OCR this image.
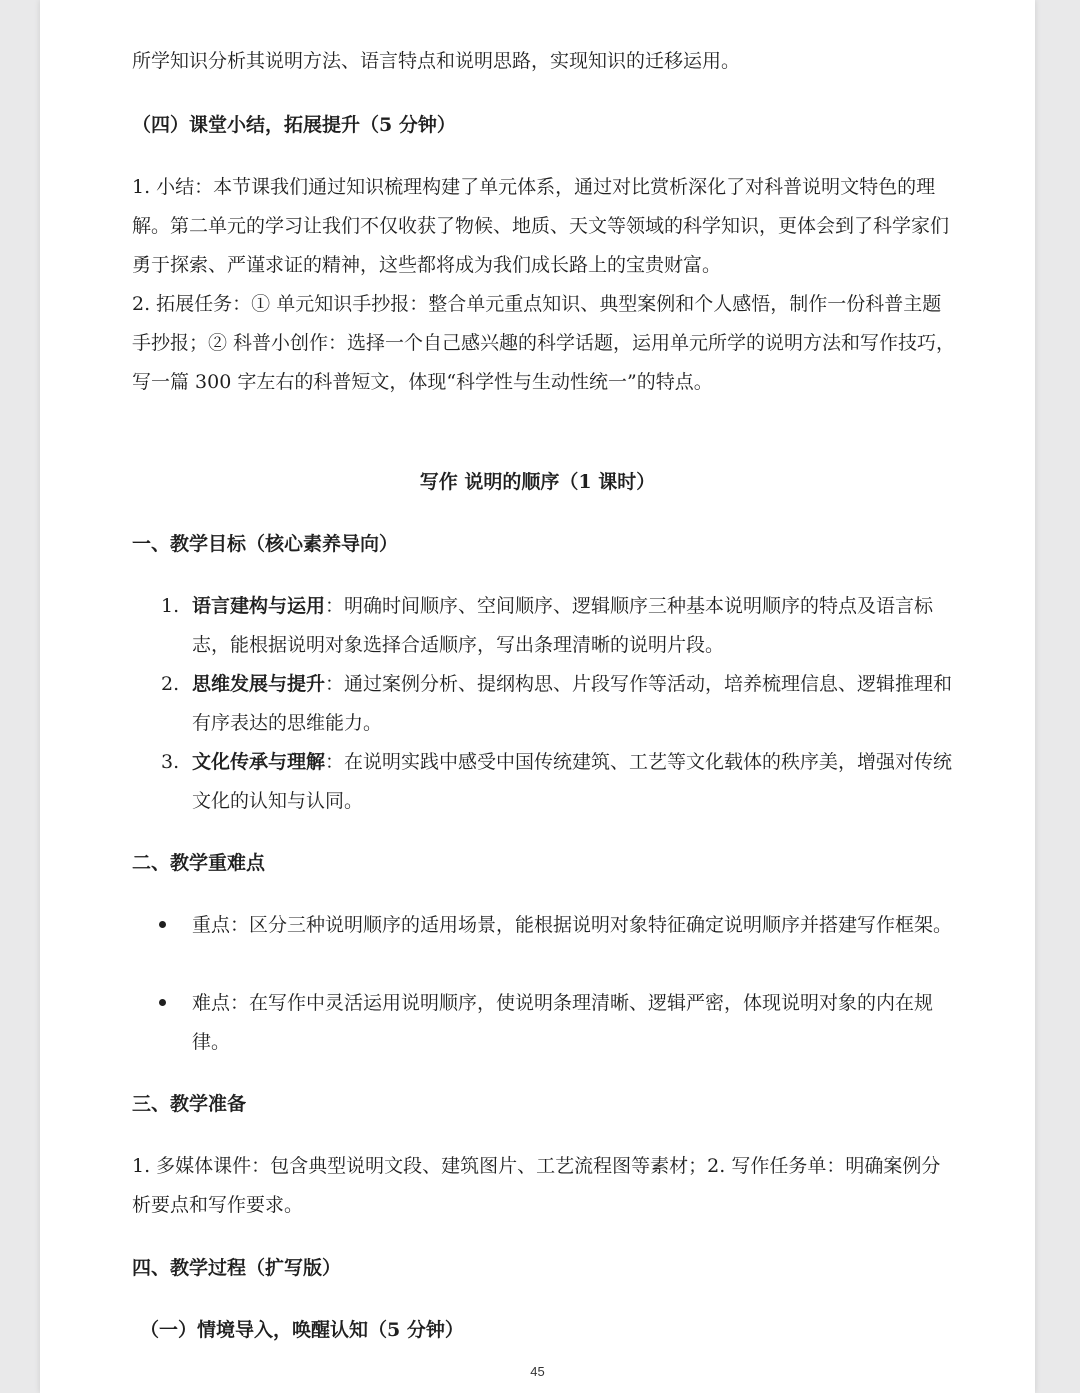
所学知识分析其说明方法、语言特点和说明思路，实现知识的迁移运用。

（四）课堂小结，拓展提升（5 分钟）

1. 小结：本节课我们通过知识梳理构建了单元体系，通过对比赏析深化了对科普说明文特色的理解。第二单元的学习让我们不仅收获了物候、地质、天文等领域的科学知识，更体会到了科学家们勇于探索、严谨求证的精神，这些都将成为我们成长路上的宝贵财富。

2. 拓展任务：① 单元知识手抄报：整合单元重点知识、典型案例和个人感悟，制作一份科普主题手抄报；② 科普小创作：选择一个自己感兴趣的科学话题，运用单元所学的说明方法和写作技巧，写一篇 300 字左右的科普短文，体现“科学性与生动性统一”的特点。

写作 说明的顺序（1 课时）

一、教学目标（核心素养导向）

1. 语言建构与运用：明确时间顺序、空间顺序、逻辑顺序三种基本说明顺序的特点及语言标志，能根据说明对象选择合适顺序，写出条理清晰的说明片段。
2. 思维发展与提升：通过案例分析、提纲构思、片段写作等活动，培养梳理信息、逻辑推理和有序表达的思维能力。
3. 文化传承与理解：在说明实践中感受中国传统建筑、工艺等文化载体的秩序美，增强对传统文化的认知与认同。

二、教学重难点

重点：区分三种说明顺序的适用场景，能根据说明对象特征确定说明顺序并搭建写作框架。
难点：在写作中灵活运用说明顺序，使说明条理清晰、逻辑严密，体现说明对象的内在规律。

三、教学准备

1. 多媒体课件：包含典型说明文段、建筑图片、工艺流程图等素材；2. 写作任务单：明确案例分析要点和写作要求。

四、教学过程（扩写版）

（一）情境导入，唤醒认知（5 分钟）

45
